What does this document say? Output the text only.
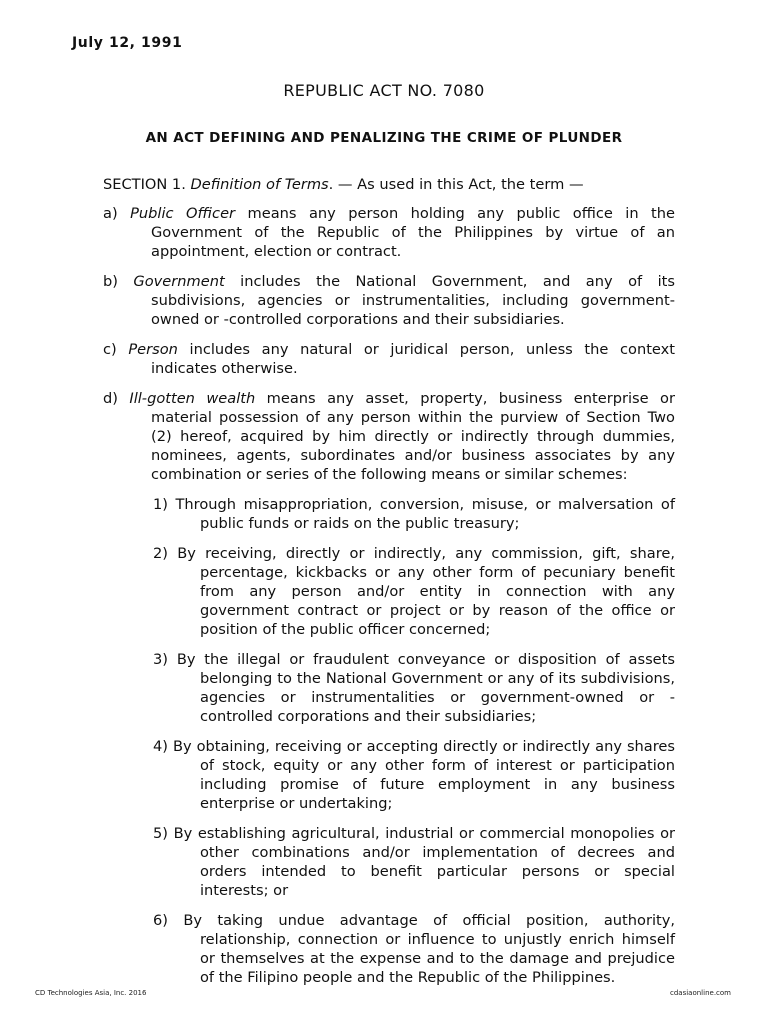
July 12, 1991
REPUBLIC ACT NO. 7080
AN ACT DEFINING AND PENALIZING THE CRIME OF PLUNDER

SECTION 1. Definition of Terms. — As used in this Act, the term —

a) Public Officer means any person holding any public office in the Government of the Republic of the Philippines by virtue of an appointment, election or contract.

b) Government includes the National Government, and any of its subdivisions, agencies or instrumentalities, including government-owned or -controlled corporations and their subsidiaries.

c) Person includes any natural or juridical person, unless the context indicates otherwise.

d) Ill-gotten wealth means any asset, property, business enterprise or material possession of any person within the purview of Section Two (2) hereof, acquired by him directly or indirectly through dummies, nominees, agents, subordinates and/or business associates by any combination or series of the following means or similar schemes:

1) Through misappropriation, conversion, misuse, or malversation of public funds or raids on the public treasury;

2) By receiving, directly or indirectly, any commission, gift, share, percentage, kickbacks or any other form of pecuniary benefit from any person and/or entity in connection with any government contract or project or by reason of the office or position of the public officer concerned;

3) By the illegal or fraudulent conveyance or disposition of assets belonging to the National Government or any of its subdivisions, agencies or instrumentalities or government-owned or -controlled corporations and their subsidiaries;

4) By obtaining, receiving or accepting directly or indirectly any shares of stock, equity or any other form of interest or participation including promise of future employment in any business enterprise or undertaking;

5) By establishing agricultural, industrial or commercial monopolies or other combinations and/or implementation of decrees and orders intended to benefit particular persons or special interests; or

6) By taking undue advantage of official position, authority, relationship, connection or influence to unjustly enrich himself or themselves at the expense and to the damage and prejudice of the Filipino people and the Republic of the Philippines.

CD Technologies Asia, Inc. 2016	cdasiaonline.com
